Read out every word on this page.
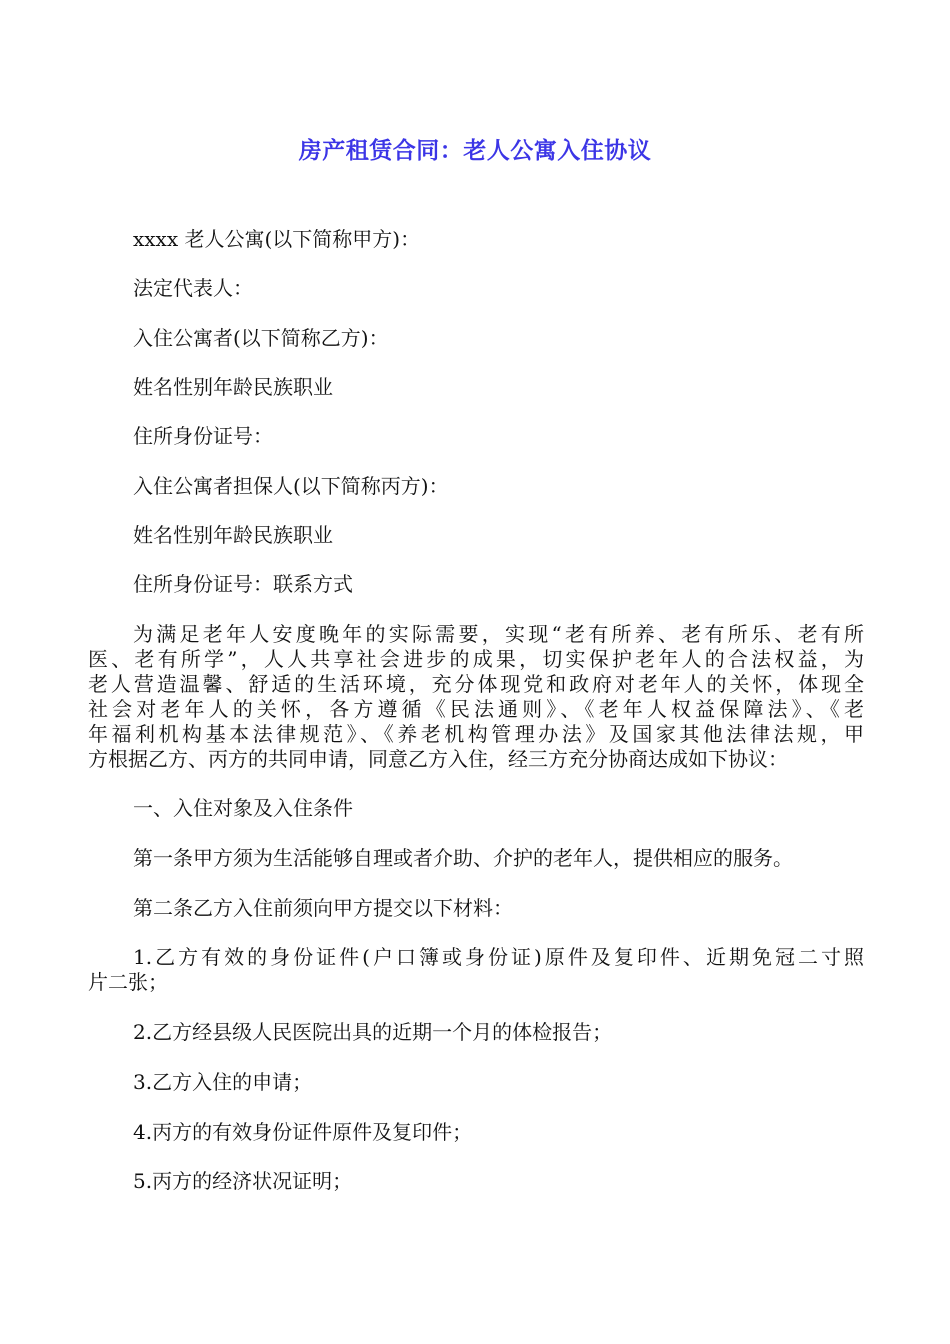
房产租赁合同：老人公寓入住协议

xxxx 老人公寓(以下简称甲方)：

法定代表人：

入住公寓者(以下简称乙方)：

姓名性别年龄民族职业

住所身份证号：

入住公寓者担保人(以下简称丙方)：

姓名性别年龄民族职业

住所身份证号：联系方式

为满足老年人安度晚年的实际需要，实现“老有所养、老有所乐、老有所
医、老有所学”，人人共享社会进步的成果，切实保护老年人的合法权益，为
老人营造温馨、舒适的生活环境，充分体现党和政府对老年人的关怀，体现全
社会对老年人的关怀，各方遵循《民法通则》、《老年人权益保障法》、《老
年福利机构基本法律规范》、《养老机构管理办法》及国家其他法律法规，甲
方根据乙方、丙方的共同申请，同意乙方入住，经三方充分协商达成如下协议：

一、入住对象及入住条件

第一条甲方须为生活能够自理或者介助、介护的老年人，提供相应的服务。

第二条乙方入住前须向甲方提交以下材料：

1.乙方有效的身份证件(户口簿或身份证)原件及复印件、近期免冠二寸照
片二张；

2.乙方经县级人民医院出具的近期一个月的体检报告；

3.乙方入住的申请；

4.丙方的有效身份证件原件及复印件；

5.丙方的经济状况证明；
